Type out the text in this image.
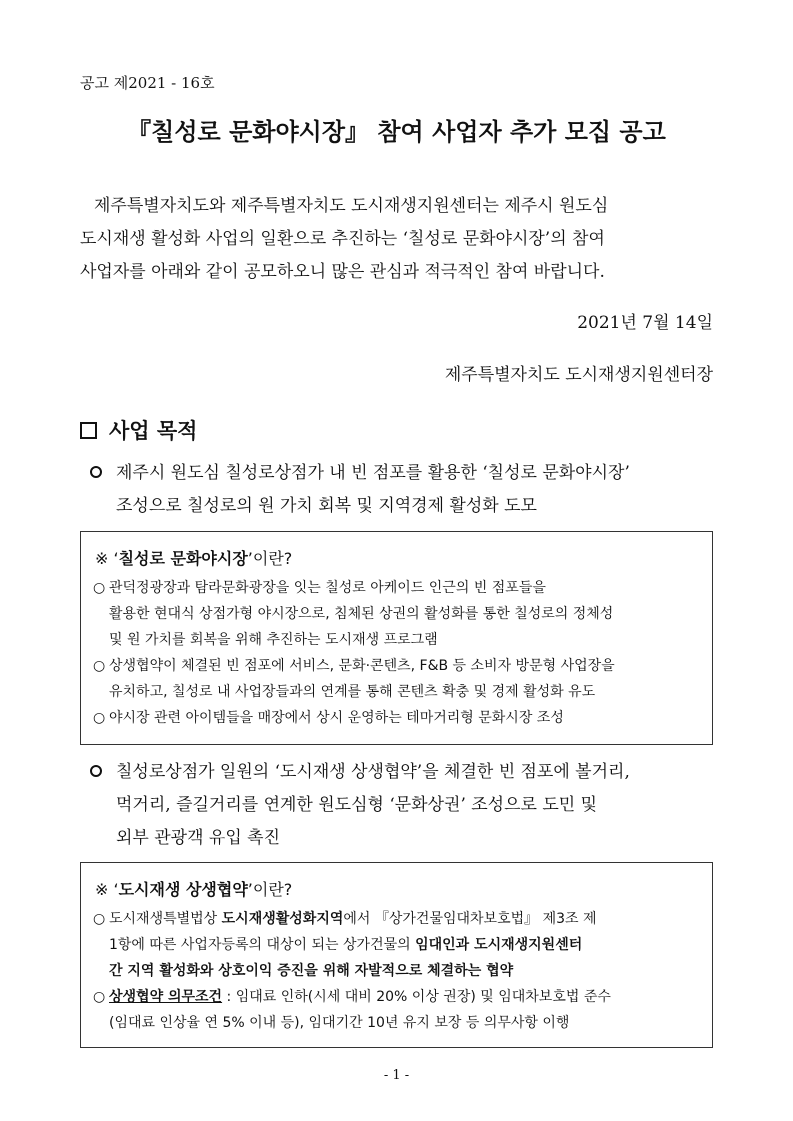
공고 제2021 - 16호
『칠성로 문화야시장』 참여 사업자 추가 모집 공고

제주특별자치도와 제주특별자치도 도시재생지원센터는 제주시 원도심

도시재생 활성화 사업의 일환으로 추진하는 ‘칠성로 문화야시장’의 참여

사업자를 아래와 같이 공모하오니 많은 관심과 적극적인 참여 바랍니다.

2021년 7월 14일
제주특별자치도 도시재생지원센터장
사업 목적
제주시 원도심 칠성로상점가 내 빈 점포를 활용한 ‘칠성로 문화야시장’
조성으로 칠성로의 원 가치 회복 및 지역경제 활성화 도모
※ ‘칠성로 문화야시장’이란?
○ 관덕정광장과 탐라문화광장을 잇는 칠성로 아케이드 인근의 빈 점포들을
활용한 현대식 상점가형 야시장으로, 침체된 상권의 활성화를 통한 칠성로의 정체성
및 원 가치를 회복을 위해 추진하는 도시재생 프로그램
○ 상생협약이 체결된 빈 점포에 서비스, 문화·콘텐츠, F&B 등 소비자 방문형 사업장을
유치하고, 칠성로 내 사업장들과의 연계를 통해 콘텐츠 확충 및 경제 활성화 유도
○ 야시장 관련 아이템들을 매장에서 상시 운영하는 테마거리형 문화시장 조성
칠성로상점가 일원의 ‘도시재생 상생협약’을 체결한 빈 점포에 볼거리,
먹거리, 즐길거리를 연계한 원도심형 ‘문화상권’ 조성으로 도민 및
외부 관광객 유입 촉진
※ ‘도시재생 상생협약’이란?
○ 도시재생특별법상 도시재생활성화지역에서 『상가건물임대차보호법』 제3조 제
1항에 따른 사업자등록의 대상이 되는 상가건물의 임대인과 도시재생지원센터
간 지역 활성화와 상호이익 증진을 위해 자발적으로 체결하는 협약
○ 상생협약 의무조건 : 임대료 인하(시세 대비 20% 이상 권장) 및 임대차보호법 준수
(임대료 인상율 연 5% 이내 등), 임대기간 10년 유지 보장 등 의무사항 이행
- 1 -
